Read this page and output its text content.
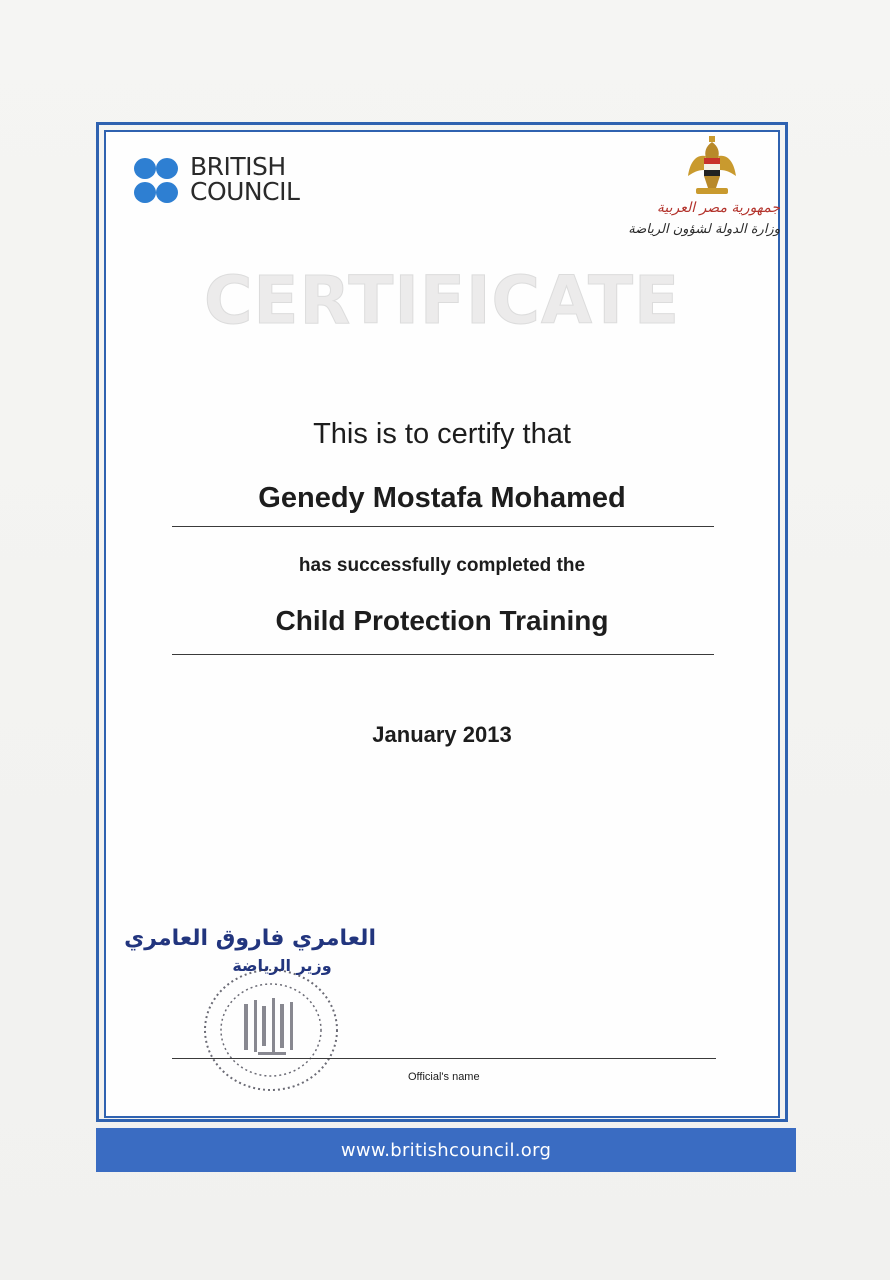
BRITISH
COUNCIL
جمهورية مصر العربية
وزارة الدولة لشؤون الرياضة
CERTIFICATE
This is to certify that
Genedy Mostafa Mohamed
has successfully completed the
Child Protection Training
January 2013
العامري فاروق العامري
وزير الرياضة
Official's name
www.britishcouncil.org
